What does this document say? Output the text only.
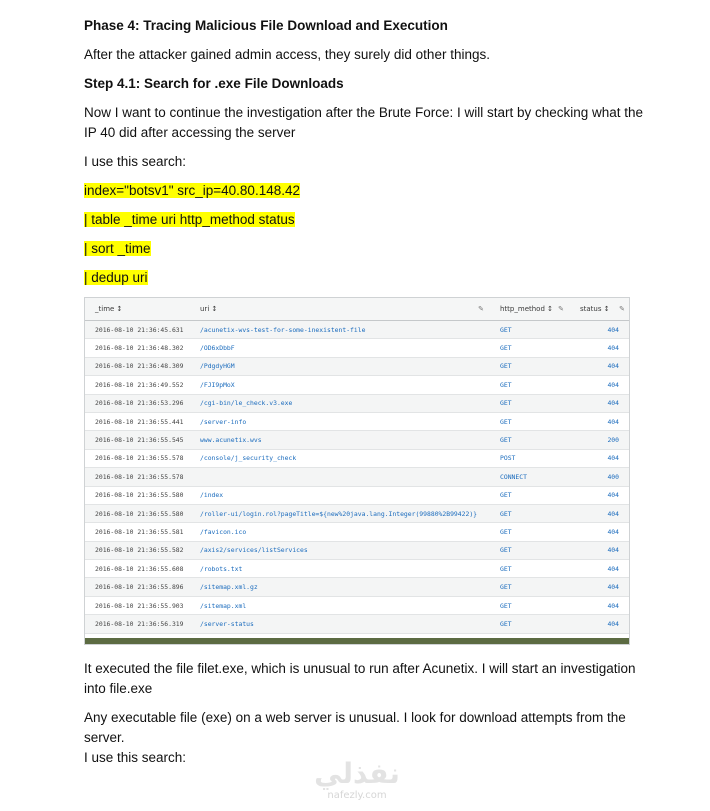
Phase 4: Tracing Malicious File Download and Execution

After the attacker gained admin access, they surely did other things.

Step 4.1: Search for .exe File Downloads

Now I want to continue the investigation after the Brute Force: I will start by checking what the IP 40 did after accessing the server

I use this search:

index="botsv1" src_ip=40.80.148.42
| table _time uri http_method status
| sort _time
| dedup uri
_time ↕	uri ↕ ✎	http_method ↕ ✎	status ↕ ✎

2016-08-10 21:36:45.631	/acunetix-wvs-test-for-some-inexistent-file	GET	404
2016-08-10 21:36:48.302	/OD6xDbbF	GET	404
2016-08-10 21:36:48.309	/PdgdyHGM	GET	404
2016-08-10 21:36:49.552	/FJI9pMoX	GET	404
2016-08-10 21:36:53.296	/cgi-bin/le_check.v3.exe	GET	404
2016-08-10 21:36:55.441	/server-info	GET	404
2016-08-10 21:36:55.545	www.acunetix.wvs	GET	200
2016-08-10 21:36:55.578	/console/j_security_check	POST	404
2016-08-10 21:36:55.578		CONNECT	400
2016-08-10 21:36:55.580	/index	GET	404
2016-08-10 21:36:55.580	/roller-ui/login.rol?pageTitle=${new%20java.lang.Integer(99880%2B99422)}	GET	404
2016-08-10 21:36:55.581	/favicon.ico	GET	404
2016-08-10 21:36:55.582	/axis2/services/listServices	GET	404
2016-08-10 21:36:55.608	/robots.txt	GET	404
2016-08-10 21:36:55.896	/sitemap.xml.gz	GET	404
2016-08-10 21:36:55.903	/sitemap.xml	GET	404
2016-08-10 21:36:56.319	/server-status	GET	404

It executed the file filet.exe, which is unusual to run after Acunetix. I will start an investigation into file.exe

Any executable file (exe) on a web server is unusual. I look for download attempts from the server.

I use this search:	نفذلي
nafezly.com
